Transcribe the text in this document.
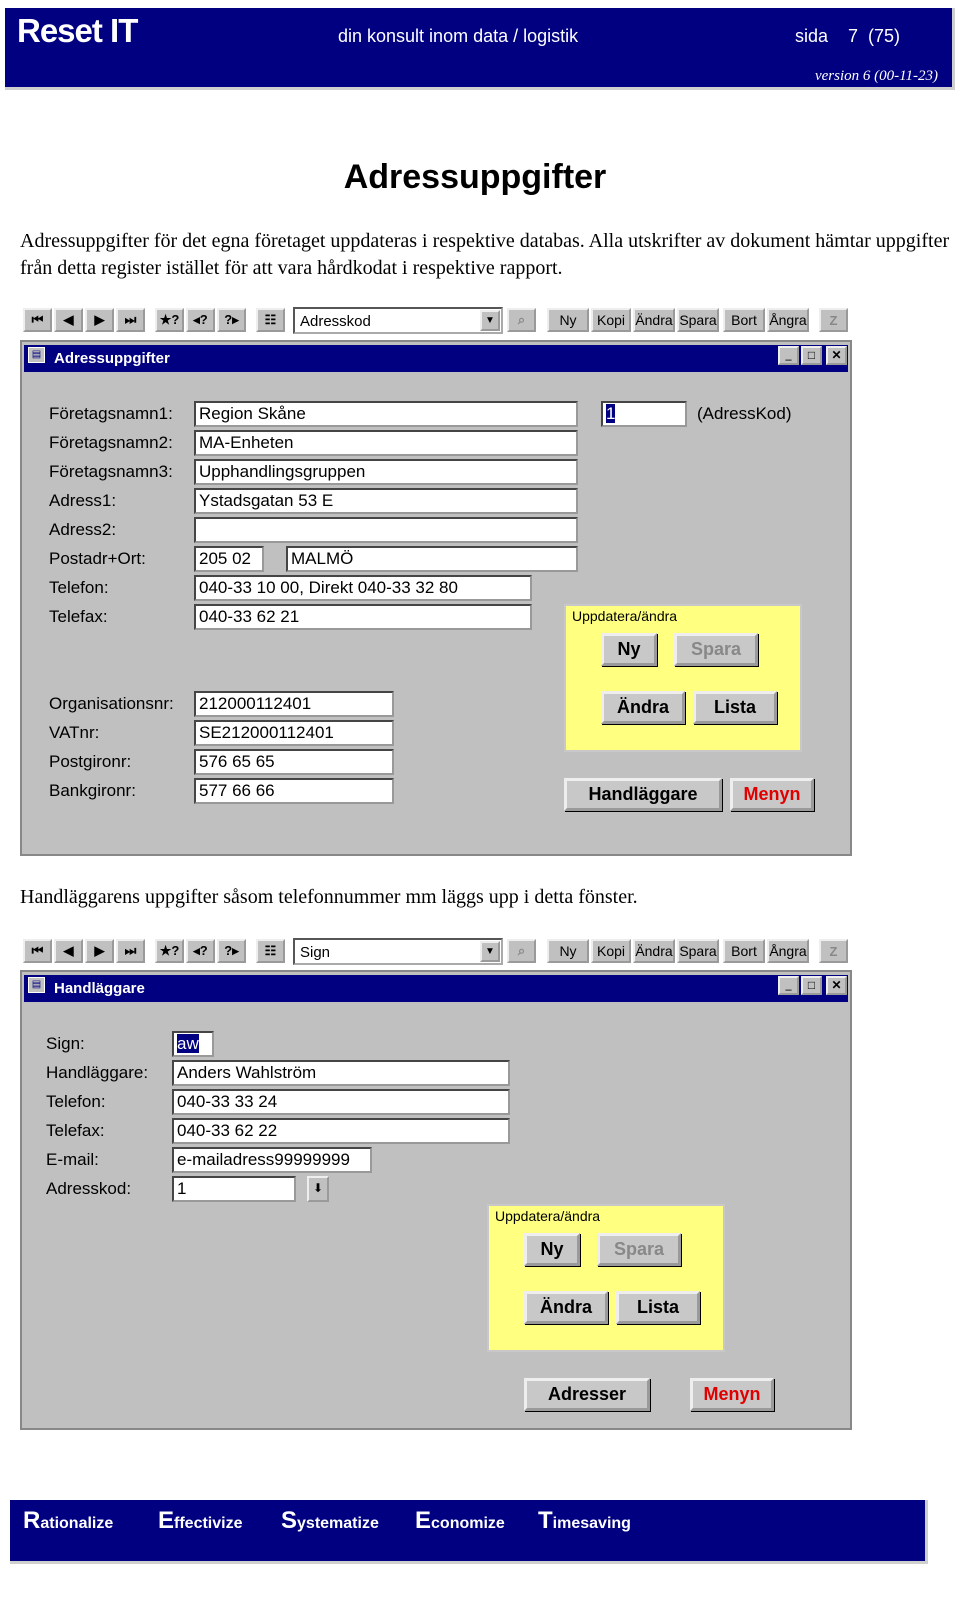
Reset IT	din konsult inom data / logistik	sida    7  (75)
version 6 (00-11-23)
Adressuppgifter
Adressuppgifter för det egna företaget uppdateras i respektive databas. Alla utskrifter av dokument hämtar uppgifter från detta register istället för att vara hårdkodat i respektive rapport.
⏮	◀	▶	⏭	★?	◂?	?▸	☷	Adresskod	▼	⌕	Ny	Kopi Ändra Spara	Bort Ångra	Z
Adressuppgifter
▤	_	□	✕
Företagsnamn1: Region Skåne
Företagsnamn2: MA-Enheten
Företagsnamn3: Upphandlingsgruppen
Adress1:	Ystadsgatan 53 E
Adress2:
Postadr+Ort:	205 02	MALMÖ
Telefon:	040-33 10 00, Direkt 040-33 32 80
Telefax:	040-33 62 21
Organisationsnr: 212000112401
VATnr:	SE212000112401
Postgironr:	576 65 65
Bankgironr:	577 66 66
1	(AdressKod)
Uppdatera/ändra
Ny	Spara
Ändra	Lista
Handläggare	Menyn
Handläggarens uppgifter såsom telefonnummer mm läggs upp i detta fönster.
⏮	◀	▶	⏭	★?	◂?	?▸	☷	Sign	▼	⌕	Ny	Kopi Ändra Spara	Bort Ångra	Z
Handläggare
▤	_	□	✕
Sign:	aw
Handläggare: Anders Wahlström
Telefon:	040-33 33 24
Telefax:	040-33 62 22
E-mail:	e-mailadress99999999
Adresskod:	1	⬇
Uppdatera/ändra
Ny	Spara
Ändra	Lista
Adresser	Menyn
Rationalize Effectivize Systematize Economize Timesaving
